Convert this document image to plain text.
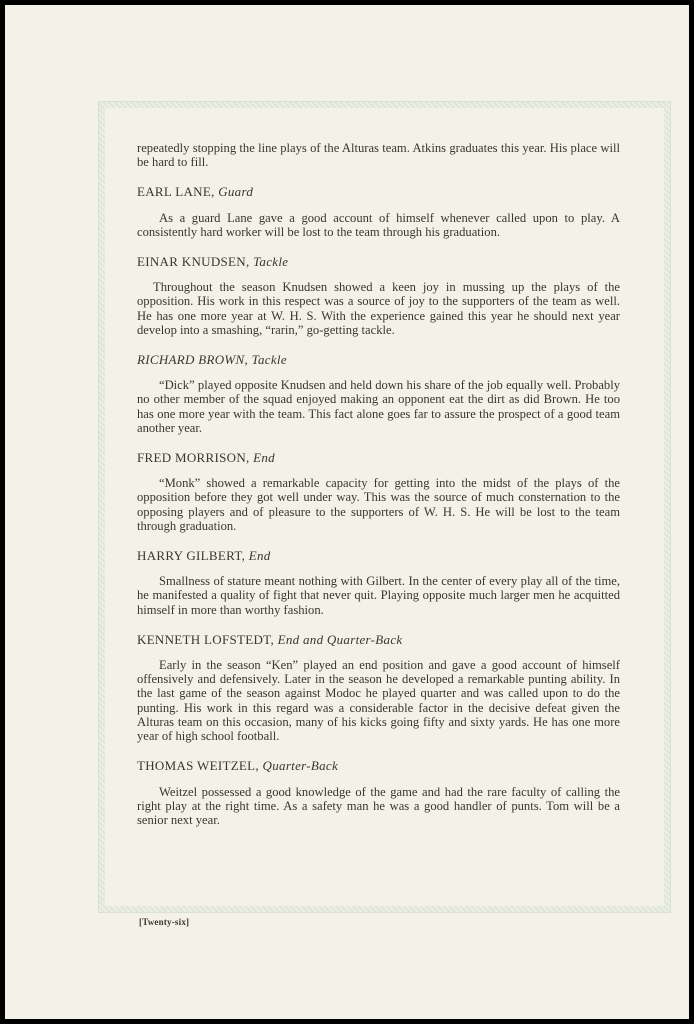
repeatedly stopping the line plays of the Alturas team. Atkins graduates this year. His place will be hard to fill.

EARL LANE, Guard

As a guard Lane gave a good account of himself whenever called upon to play. A consistently hard worker will be lost to the team through his graduation.

EINAR KNUDSEN, Tackle

Throughout the season Knudsen showed a keen joy in mussing up the plays of the opposition. His work in this respect was a source of joy to the supporters of the team as well. He has one more year at W. H. S. With the experience gained this year he should next year develop into a smashing, “rarin,” go-getting tackle.

RICHARD BROWN, Tackle

“Dick” played opposite Knudsen and held down his share of the job equally well. Probably no other member of the squad enjoyed making an opponent eat the dirt as did Brown. He too has one more year with the team. This fact alone goes far to assure the prospect of a good team another year.

FRED MORRISON, End

“Monk” showed a remarkable capacity for getting into the midst of the plays of the opposition before they got well under way. This was the source of much consternation to the opposing players and of pleasure to the supporters of W. H. S. He will be lost to the team through graduation.

HARRY GILBERT, End

Smallness of stature meant nothing with Gilbert. In the center of every play all of the time, he manifested a quality of fight that never quit. Playing opposite much larger men he acquitted himself in more than worthy fashion.

KENNETH LOFSTEDT, End and Quarter-Back

Early in the season “Ken” played an end position and gave a good account of himself offensively and defensively. Later in the season he developed a remarkable punting ability. In the last game of the season against Modoc he played quarter and was called upon to do the punting. His work in this regard was a considerable factor in the decisive defeat given the Alturas team on this occasion, many of his kicks going fifty and sixty yards. He has one more year of high school football.

THOMAS WEITZEL, Quarter-Back

Weitzel possessed a good knowledge of the game and had the rare faculty of calling the right play at the right time. As a safety man he was a good handler of punts. Tom will be a senior next year.

[Twenty-six]
